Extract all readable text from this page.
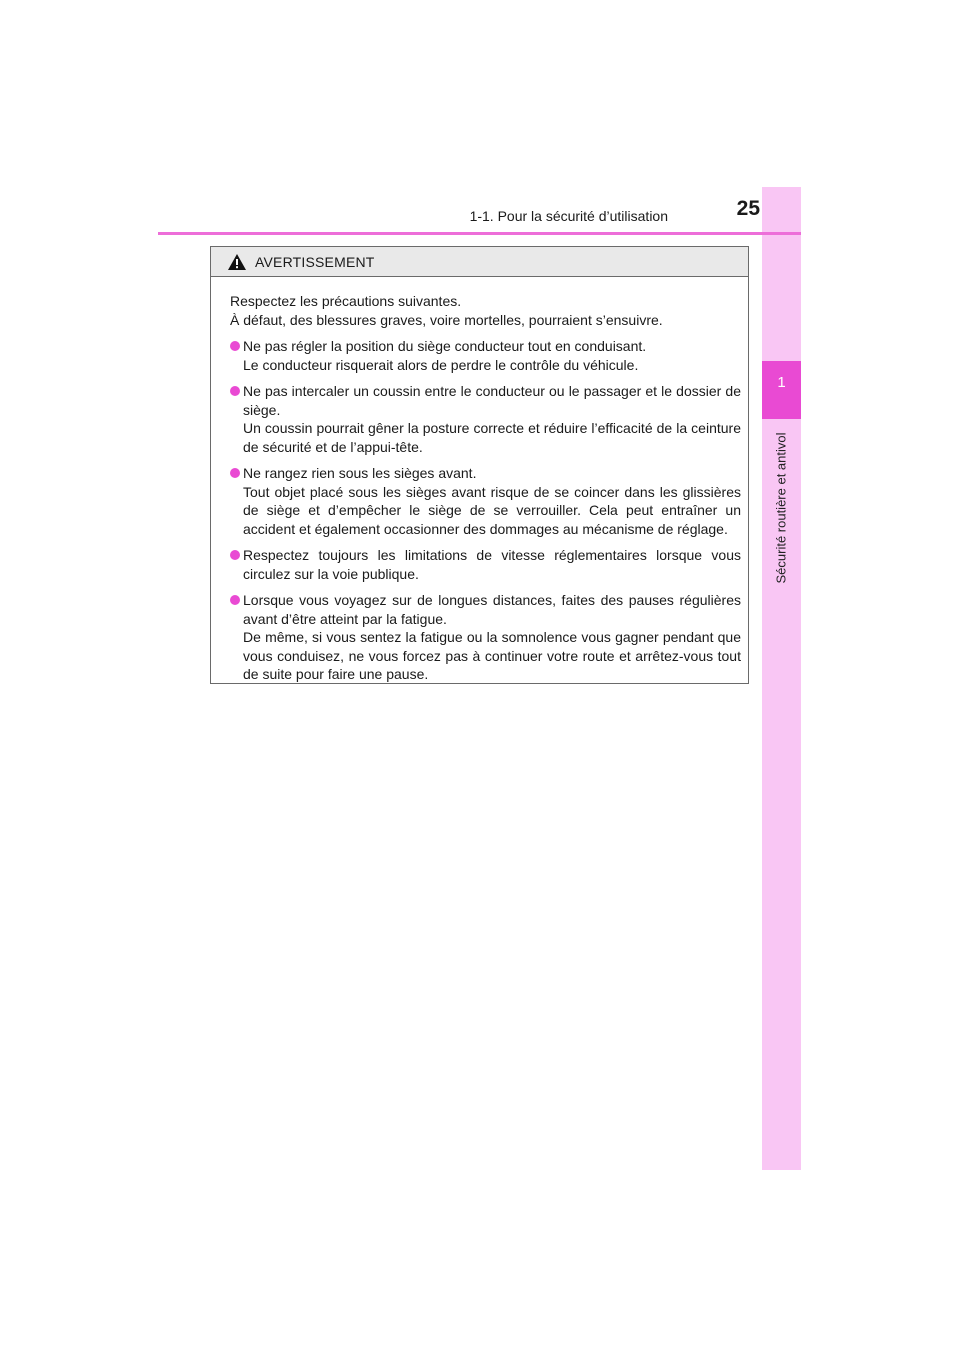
1
Sécurité routière et antivol
1-1. Pour la sécurité d’utilisation	25
AVERTISSEMENT
Respectez les précautions suivantes.
À défaut, des blessures graves, voire mortelles, pourraient s’ensuivre.
Ne pas régler la position du siège conducteur tout en conduisant.
Le conducteur risquerait alors de perdre le contrôle du véhicule.
Ne pas intercaler un coussin entre le conducteur ou le passager et le dossier de siège.
Un coussin pourrait gêner la posture correcte et réduire l’efficacité de la ceinture de sécurité et de l’appui-tête.
Ne rangez rien sous les sièges avant.
Tout objet placé sous les sièges avant risque de se coincer dans les glissières de siège et d’empêcher le siège de se verrouiller. Cela peut entraîner un accident et également occasionner des dommages au mécanisme de réglage.
Respectez toujours les limitations de vitesse réglementaires lorsque vous circulez sur la voie publique.
Lorsque vous voyagez sur de longues distances, faites des pauses régulières avant d’être atteint par la fatigue.
De même, si vous sentez la fatigue ou la somnolence vous gagner pendant que vous conduisez, ne vous forcez pas à continuer votre route et arrêtez-vous tout de suite pour faire une pause.
